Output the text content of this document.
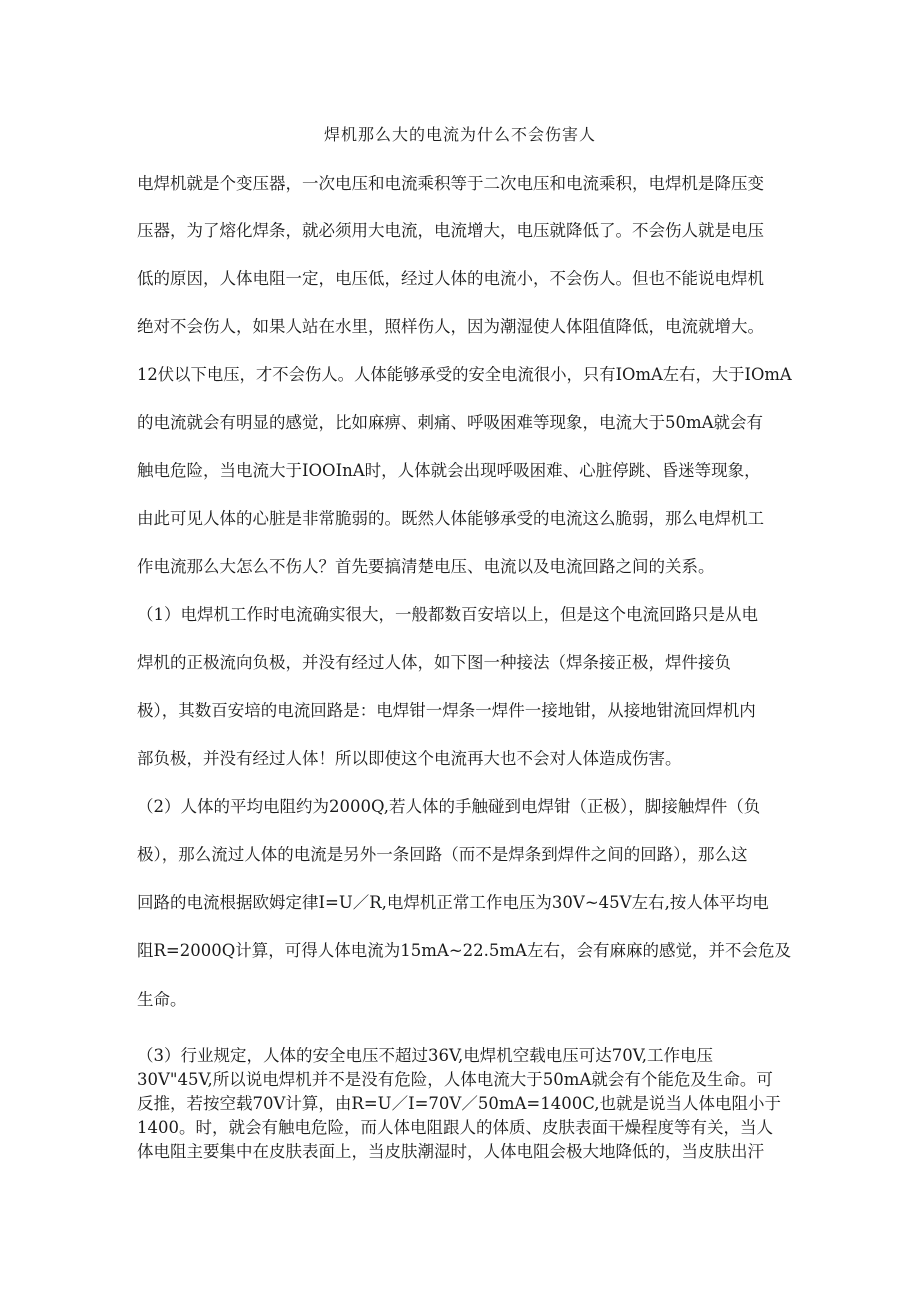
焊机那么大的电流为什么不会伤害人
电焊机就是个变压器，一次电压和电流乘积等于二次电压和电流乘积，电焊机是降压变
压器，为了熔化焊条，就必须用大电流，电流增大，电压就降低了。不会伤人就是电压
低的原因，人体电阻一定，电压低，经过人体的电流小，不会伤人。但也不能说电焊机
绝对不会伤人，如果人站在水里，照样伤人，因为潮湿使人体阻值降低，电流就增大。
12伏以下电压，才不会伤人。人体能够承受的安全电流很小，只有IOmA左右，大于IOmA
的电流就会有明显的感觉，比如麻痹、刺痛、呼吸困难等现象，电流大于50mA就会有
触电危险，当电流大于IOOInA时，人体就会出现呼吸困难、心脏停跳、昏迷等现象，
由此可见人体的心脏是非常脆弱的。既然人体能够承受的电流这么脆弱，那么电焊机工
作电流那么大怎么不伤人？首先要搞清楚电压、电流以及电流回路之间的关系。
（1）电焊机工作时电流确实很大，一般都数百安培以上，但是这个电流回路只是从电
焊机的正极流向负极，并没有经过人体，如下图一种接法（焊条接正极，焊件接负
极），其数百安培的电流回路是：电焊钳一焊条一焊件一接地钳，从接地钳流回焊机内
部负极，并没有经过人体！所以即使这个电流再大也不会对人体造成伤害。
（2）人体的平均电阻约为2000Q,若人体的手触碰到电焊钳（正极），脚接触焊件（负
极），那么流过人体的电流是另外一条回路（而不是焊条到焊件之间的回路），那么这
回路的电流根据欧姆定律I=U／R,电焊机正常工作电压为30V~45V左右,按人体平均电
阻R=2000Q计算，可得人体电流为15mA~22.5mA左右，会有麻麻的感觉，并不会危及
生命。
（3）行业规定，人体的安全电压不超过36V,电焊机空载电压可达70V,工作电压
30V"45V,所以说电焊机并不是没有危险，人体电流大于50mA就会有个能危及生命。可
反推，若按空载70V计算，由R=U／I=70V／50mA=1400C,也就是说当人体电阻小于
1400。时，就会有触电危险，而人体电阻跟人的体质、皮肤表面干燥程度等有关，当人
体电阻主要集中在皮肤表面上，当皮肤潮湿时，人体电阻会极大地降低的，当皮肤出汗
